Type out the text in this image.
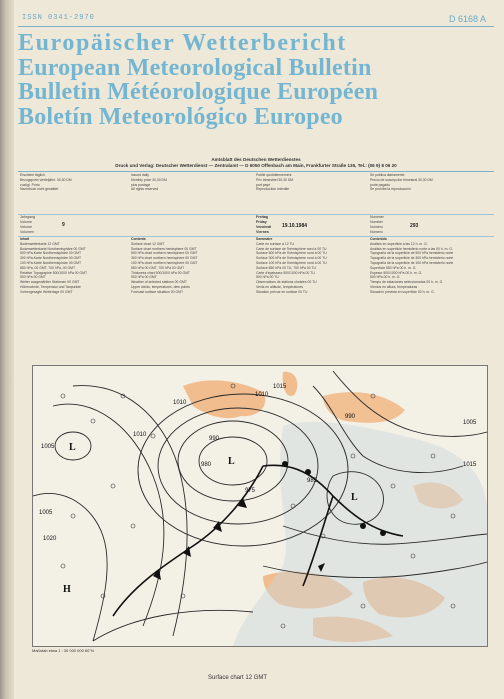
ISSN 0341-2970	D 6168 A
Europäischer Wetterbericht
European Meteorological Bulletin
Bulletin Météorologique Européen
Boletín Meteorológico Europeo
Amtsblatt des Deutschen Wetterdienstes
Druck und Verlag: Deutscher Wetterdienst — Zentralamt — D 6050 Offenbach am Main, Frankfurter Straße 135, Tel.: (06 9) 8 06 20
Erscheint täglich
Bezugspreis vierteljährl. 30,30 DM
zuzügl. Porto
Nachdruck nicht gestattet
Issued daily
Monthly price 30,30 DM
plus postage
All rights reserved
Publié quotidiennement
Prix trimestriel 30,30 DM
port payé
Reproduction interdite
Se publica diariamente
Precio de suscripción trimestral 30,30 DM
porte pagado
Se prohíbe la reproducción
Jahrgang
Volume
Volume
Volumen
9
Freitag
Friday
Vendredi
Viernes
19.10.1984
Nummer
Number
Numéro
Número
293
Inhalt
Bodenwetterkarte 12 GMT
Bodenwetterkarte Nordhemisphäre 00 GMT
500 hPa-Karte Nordhemisphäre 00 GMT
300 hPa-Karte Nordhemisphäre 00 GMT
100 hPa-Karte Nordhemisphäre 00 GMT
850 hPa, 00 GMT, 700 hPa, 00 GMT
Relative Topographie 500/1000 hPa 00 GMT
500 hPa 00 GMT
Wetter ausgewählter Stationen 00 GMT
Höhenwinde, Temperatur und Taupunkte
Vorhergesagte Wetterlage 00 GMT
Contents
Surface chart 12 GMT
Surface chart northern hemisphere 00 GMT
500 hPa chart northern hemisphere 00 GMT
300 hPa chart northern hemisphere 00 GMT
100 hPa chart northern hemisphere 00 GMT
850 hPa 00 GMT, 700 hPa 00 GMT
Thickness chart 500/1000 hPa 00 GMT
500 hPa 00 GMT
Weather of selected stations 00 GMT
Upper winds, temperatures, dew points
Forecast surface situation 00 GMT
Sommaire
Carte en surface à 12 TU
Carte de surface de l'hémisphère nord à 00 TU
Surface 500 hPa de l'hémisphère nord à 00 TU
Surface 300 hPa de l'hémisphère nord à 00 TU
Surface 100 hPa de l'hémisphère nord à 00 TU
Surface 850 hPa 00 TU, 700 hPa 00 TU
Carte d'épaisseur 500/1000 hPa 00 TU
500 hPa 00 TU
Observations de stations choisies 00 TU
Vents en altitude, températures
Situation prévue en surface 00 TU
Contenido
Análisis en superficie a las 12 h. m. G.
Análisis en superficie hemisferio norte a las 00 h. m. G.
Topografía de la superficie de 500 hPa hemisferio norte
Topografía de la superficie de 300 hPa hemisferio norte
Topografía de la superficie de 100 hPa hemisferio norte
Superficie 850 hPa 00 h. m. G.
Espesor 500/1000 hPa 00 h. m. G.
500 hPa 00 h. m. G.
Tiempo de estaciones seleccionadas 00 h. m. G.
Vientos en altura, temperaturas
Situación prevista en superficie 00 h. m. G.
1005
1010
1010
1015
990
980
975
985
990
1005
1005
1015
1020
1010
L
L
L
H
Maßstab etwa 1 : 30 000 000 60°N
Surface chart 12 GMT
